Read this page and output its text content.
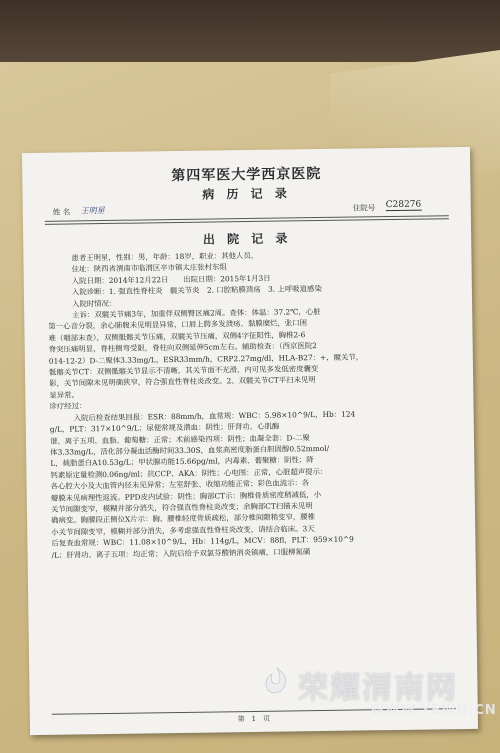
第四军医大学西京医院
病 历 记 录
姓 名 王明星	住院号 C28276
出 院 记 录

患者王明星，性别：男，年龄：18岁，职业：其他人员，

住址：陕西省渭南市临渭区辛市镇太庄张村东组

入院日期：2014年12月22日　　出院日期：2015年1月3日

入院诊断：1. 强直性脊柱炎　髋关节炎　2. 口腔粘膜溃疡　3. 上呼吸道感染

入院时情况：

主诉：双髋关节痛3年，加重伴双侧臀区痛2周。查体：体温：37.2℃，心脏

第一心音分裂，余心肺腹未见明显异常，口唇上腭多发溃疡、黏膜糜烂，张口困

难（咽部未查），双侧骶髂关节压痛，双髋关节压痛，双侧4字征阳性，胸椎2-6

脊突压痛明显，脊柱侧弯受限，脊柱向双侧延伸5cm左右。辅助检查：（西京医院2

014-12-2）D-二聚体3.33mg/L，ESR33mm/h，CRP2.27mg/dl，HLA-B27：+，髋关节，

骶髂关节CT：双侧骶髂关节显示不清晰，其关节面不光滑，内可见多发低密度囊变

影，关节间隙未见明确狭窄，符合强直性脊柱炎改变。2、双髋关节CT平扫未见明

显异常。

诊疗经过：

入院后检查结果回报：ESR：88mm/h，血常规：WBC：5.98×10^9/L，Hb：124

g/L，PLT：317×10^9/L；尿便常规及潜血：阴性；肝肾功、心肌酶

谱、离子五项、血脂、葡萄糖：正常；术前感染四项：阴性；血凝全套：D-二聚

体3.33mg/L，活化部分凝血活酶时间33.30S，血浆高密度脂蛋白胆固醇0.52mmol/

L，载脂蛋白A10.53g/L；甲状腺功能15.66pg/ml，内毒素、葡聚糖：阴性；降

钙素原定量检测0.06ng/ml；抗CCP、AKA：阴性；心电图：正常，心脏超声提示：

各心腔大小及大血管内径未见异常；左室舒张、收缩功能正常；彩色血流示：各

瓣膜未见病理性返流。PPD皮内试验：阴性；胸部CT示：胸椎骨质密度稍减低，小

关节间隙变窄，模糊并部分消失，符合强直性脊柱炎改变；余胸部CT扫描未见明

确病变。胸腰段正侧位X片示：胸、腰椎轻度骨质疏松，部分椎间隙稍变窄，腰椎

小关节间隙变窄，模糊并部分消失，多考虑强直性脊柱炎改变，请结合临床。3天

后复查血常规：WBC：11.08×10^9/L，Hb：114g/L，MCV：88fl，PLT：959×10^9

/L；肝肾功、离子五项：均正常；入院后给予双氯芬酸钠消炎镇痛，口服柳氮磺

第　1　页
荣耀渭南网
WWW.YEWN.CN
